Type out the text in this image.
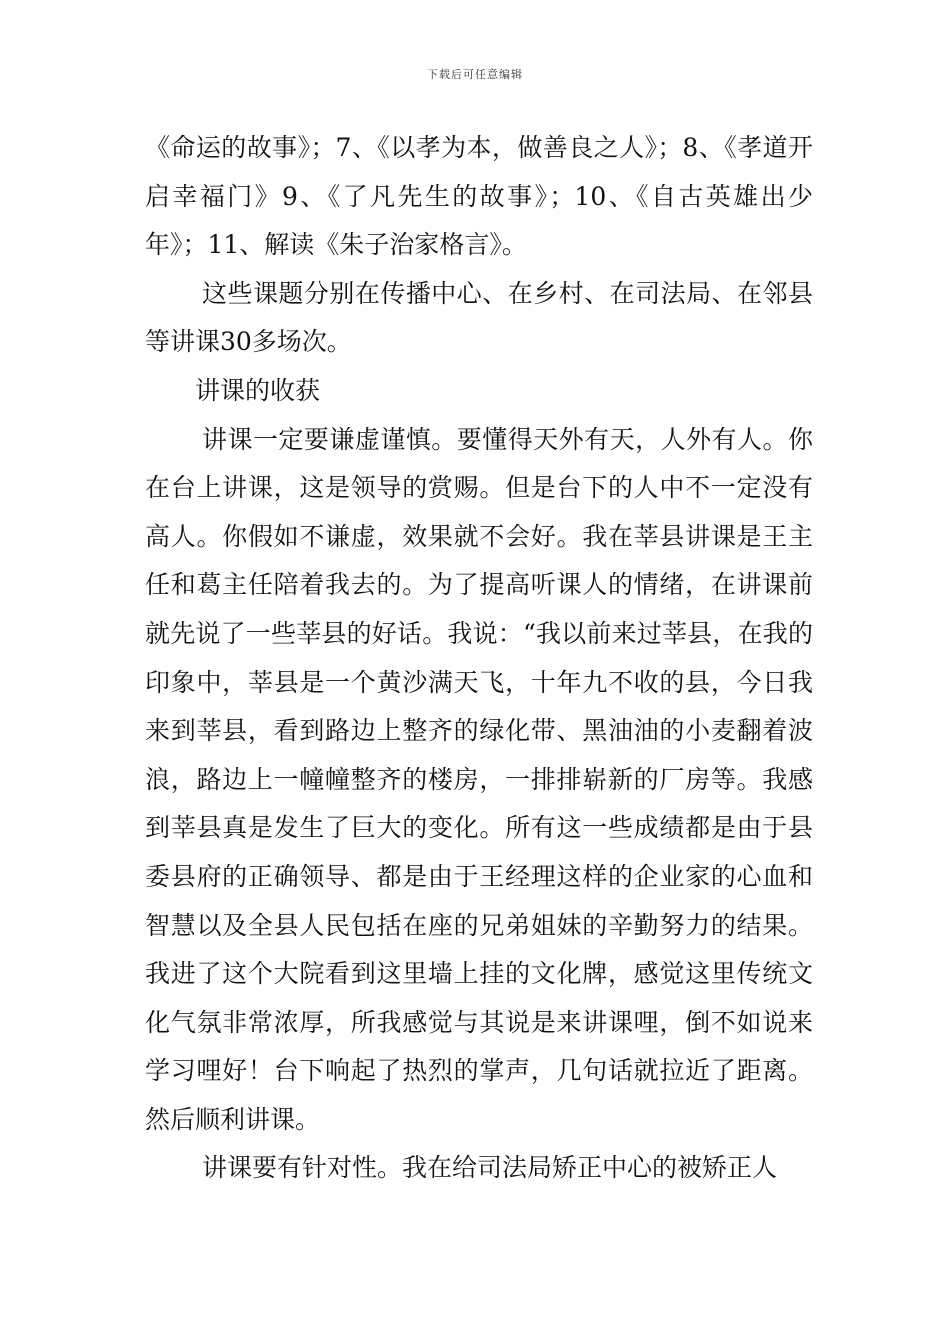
下载后可任意编辑

《命运的故事》；7、《以孝为本，做善良之人》；8、《孝道开启幸福门》9、《了凡先生的故事》；10、《自古英雄出少年》；11、解读《朱子治家格言》。

这些课题分别在传播中心、在乡村、在司法局、在邻县等讲课30多场次。

讲课的收获

讲课一定要谦虚谨慎。要懂得天外有天，人外有人。你在台上讲课，这是领导的赏赐。但是台下的人中不一定没有高人。你假如不谦虚，效果就不会好。我在莘县讲课是王主任和葛主任陪着我去的。为了提高听课人的情绪，在讲课前就先说了一些莘县的好话。我说：“我以前来过莘县，在我的印象中，莘县是一个黄沙满天飞，十年九不收的县，今日我来到莘县，看到路边上整齐的绿化带、黑油油的小麦翻着波浪，路边上一幢幢整齐的楼房，一排排崭新的厂房等。我感到莘县真是发生了巨大的变化。所有这一些成绩都是由于县委县府的正确领导、都是由于王经理这样的企业家的心血和智慧以及全县人民包括在座的兄弟姐妹的辛勤努力的结果。我进了这个大院看到这里墙上挂的文化牌，感觉这里传统文化气氛非常浓厚，所我感觉与其说是来讲课哩，倒不如说来学习哩好！台下响起了热烈的掌声，几句话就拉近了距离。然后顺利讲课。

讲课要有针对性。我在给司法局矫正中心的被矫正人
